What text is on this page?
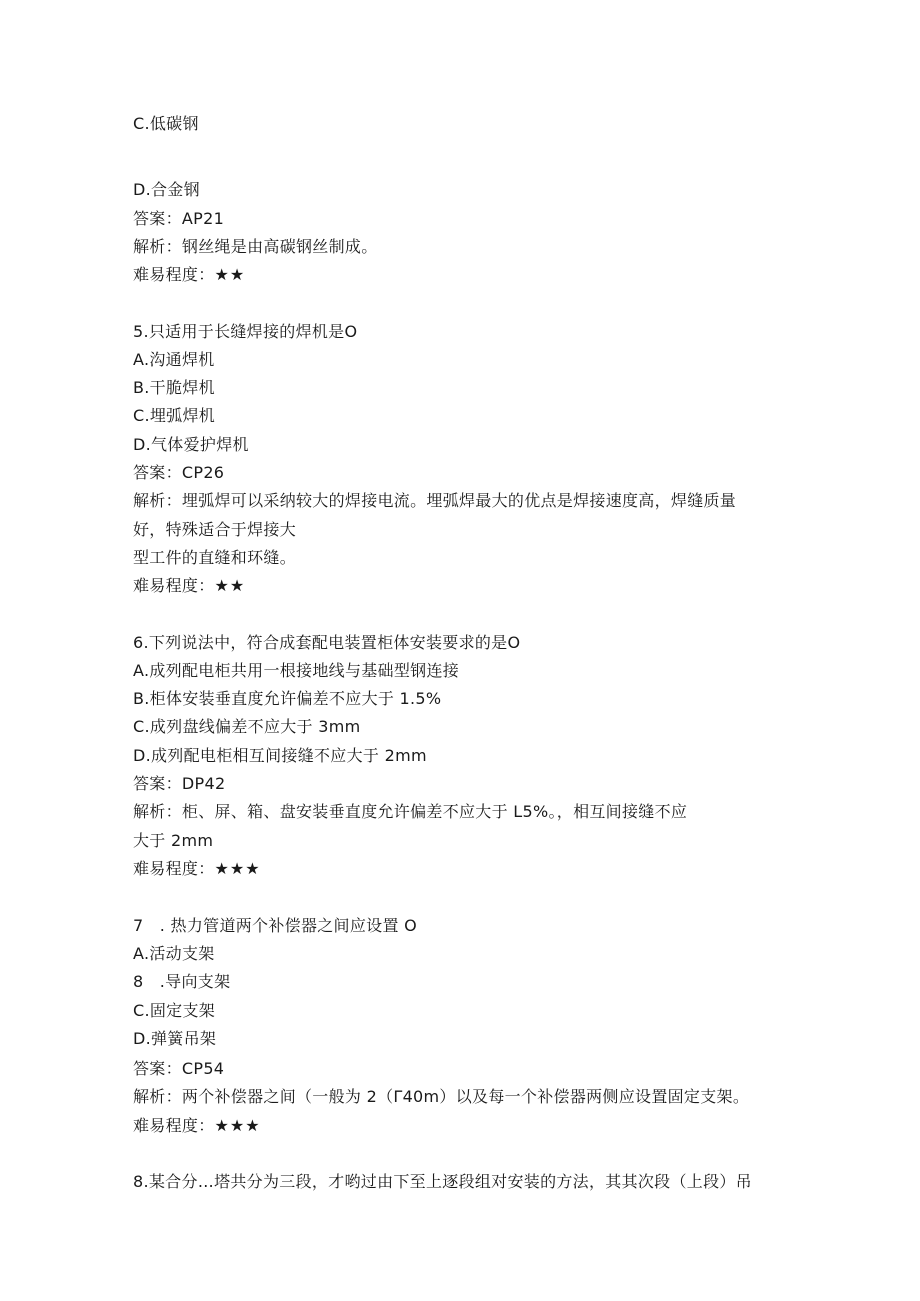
C.低碳钢
D.合金钢
答案：AP21
解析：钢丝绳是由高碳钢丝制成。
难易程度：★★
5.只适用于长缝焊接的焊机是O
A.沟通焊机
B.干脆焊机
C.埋弧焊机
D.气体爱护焊机
答案：CP26
解析：埋弧焊可以采纳较大的焊接电流。埋弧焊最大的优点是焊接速度高，焊缝质量
好，特殊适合于焊接大
型工件的直缝和环缝。
难易程度：★★
6.下列说法中，符合成套配电装置柜体安装要求的是O
A.成列配电柜共用一根接地线与基础型钢连接
B.柜体安装垂直度允许偏差不应大于 1.5%
C.成列盘线偏差不应大于 3mm
D.成列配电柜相互间接缝不应大于 2mm
答案：DP42
解析：柜、屏、箱、盘安装垂直度允许偏差不应大于 L5%。，相互间接缝不应
大于 2mm
难易程度：★★★
7　. 热力管道两个补偿器之间应设置 O
A.活动支架
8　.导向支架
C.固定支架
D.弹簧吊架
答案：CP54
解析：两个补偿器之间（一般为 2（Γ40m）以及每一个补偿器两侧应设置固定支架。
难易程度：★★★
8.某合分…塔共分为三段，才哟过由下至上逐段组对安装的方法，其其次段（上段）吊
